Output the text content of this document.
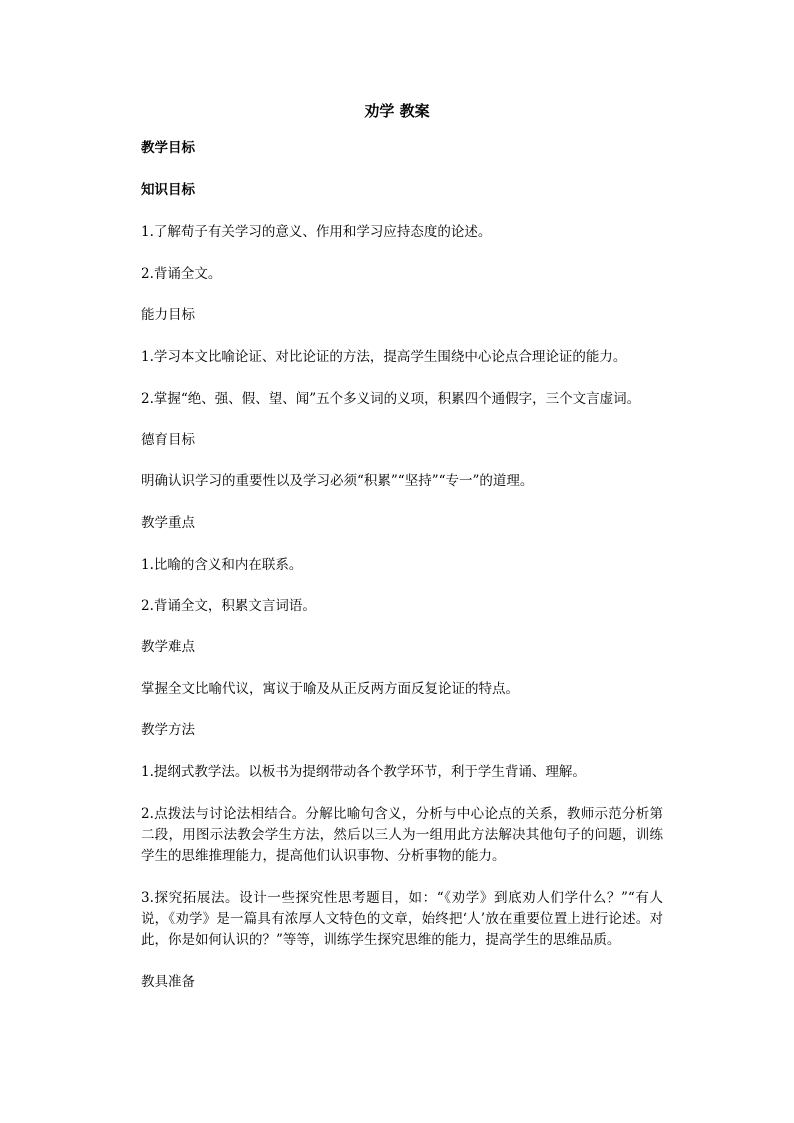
劝学 教案
教学目标
知识目标
1.了解荀子有关学习的意义、作用和学习应持态度的论述。
2.背诵全文。
能力目标
1.学习本文比喻论证、对比论证的方法，提高学生围绕中心论点合理论证的能力。
2.掌握“绝、强、假、望、闻”五个多义词的义项，积累四个通假字，三个文言虚词。
德育目标
明确认识学习的重要性以及学习必须“积累”“坚持”“专一”的道理。
教学重点
1.比喻的含义和内在联系。
2.背诵全文，积累文言词语。
教学难点
掌握全文比喻代议，寓议于喻及从正反两方面反复论证的特点。
教学方法
1.提纲式教学法。以板书为提纲带动各个教学环节，利于学生背诵、理解。
2.点拨法与讨论法相结合。分解比喻句含义，分析与中心论点的关系，教师示范分析第二段，用图示法教会学生方法，然后以三人为一组用此方法解决其他句子的问题，训练学生的思维推理能力，提高他们认识事物、分析事物的能力。
3.探究拓展法。设计一些探究性思考题目，如：“《劝学》到底劝人们学什么？”“有人说，《劝学》是一篇具有浓厚人文特色的文章，始终把‘人’放在重要位置上进行论述。对此，你是如何认识的？”等等，训练学生探究思维的能力，提高学生的思维品质。
教具准备
